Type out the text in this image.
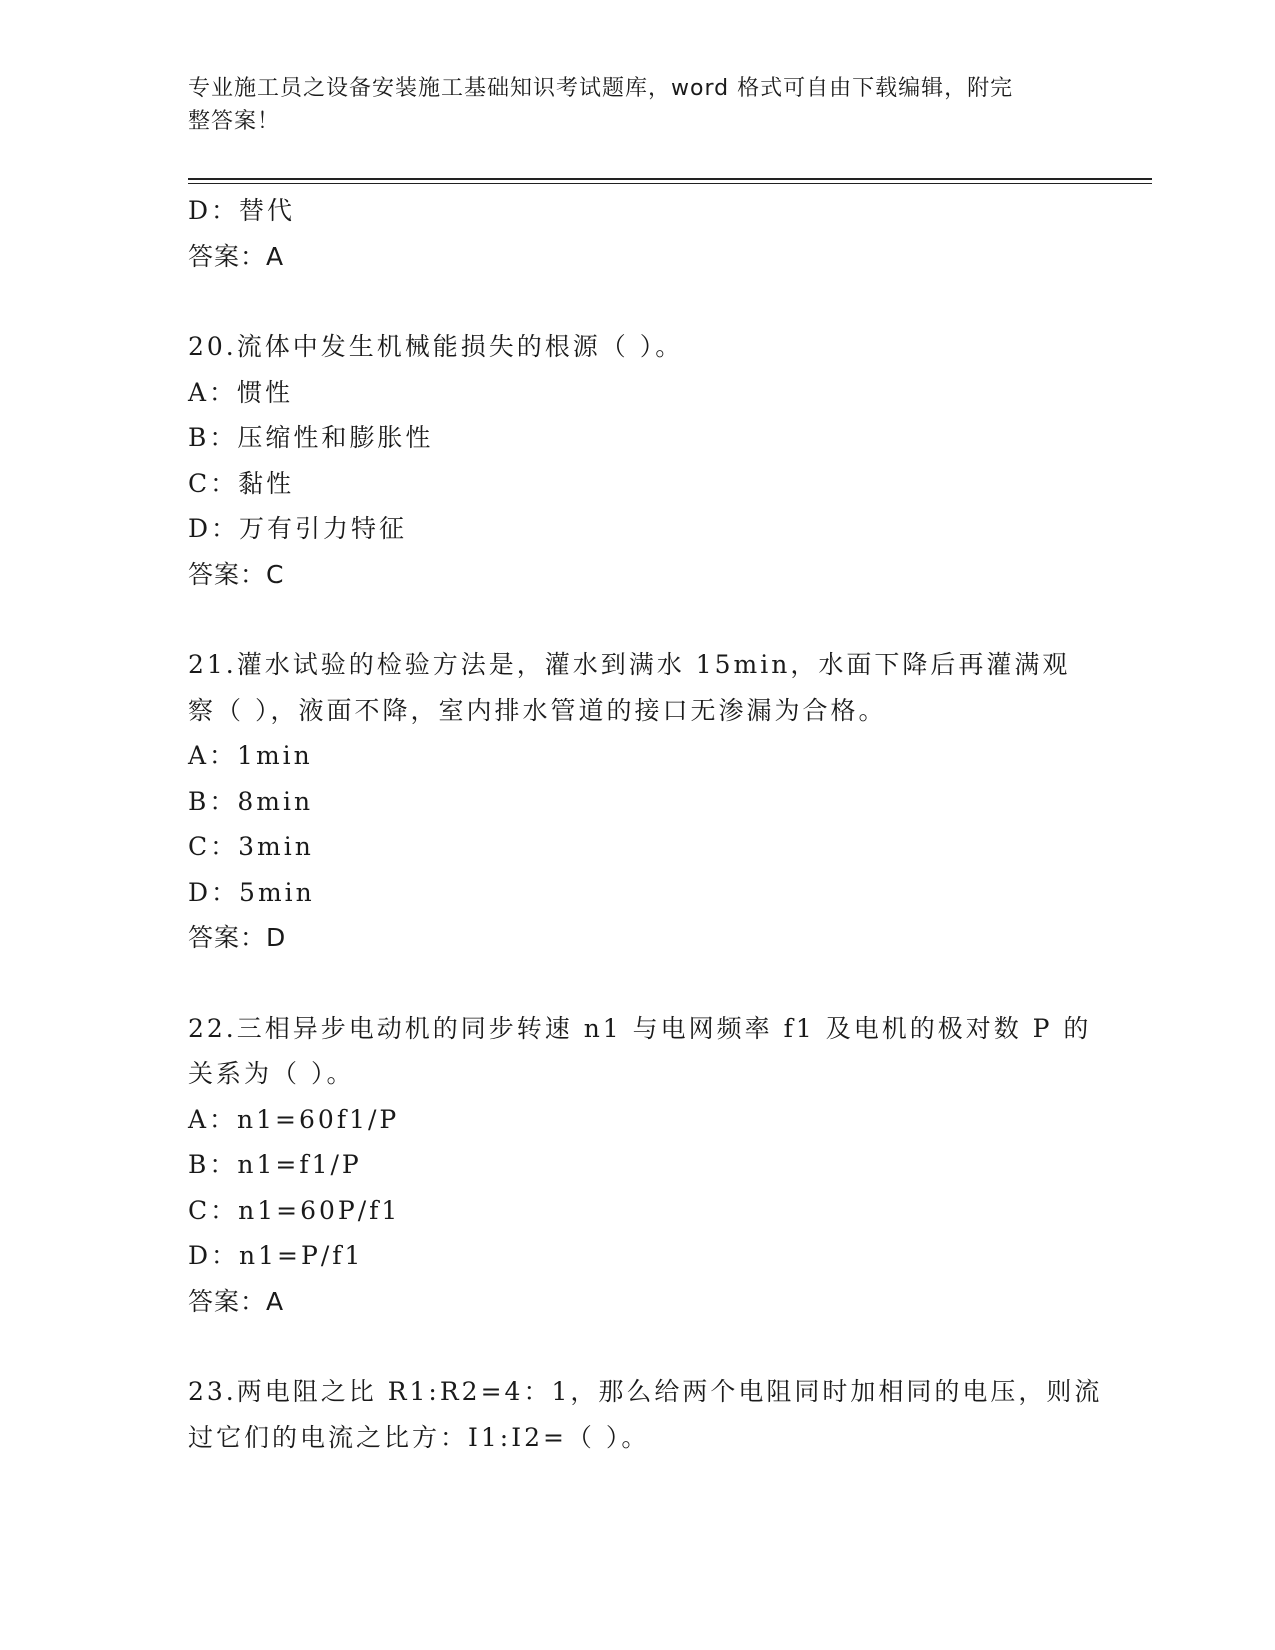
专业施工员之设备安装施工基础知识考试题库，word 格式可自由下载编辑，附完
整答案！
D：替代
答案：A
20.流体中发生机械能损失的根源（ ）。
A：惯性
B：压缩性和膨胀性
C：黏性
D：万有引力特征
答案：C
21.灌水试验的检验方法是，灌水到满水 15min，水面下降后再灌满观
察（ ），液面不降，室内排水管道的接口无渗漏为合格。
A：1min
B：8min
C：3min
D：5min
答案：D
22.三相异步电动机的同步转速 n1 与电网频率 f1 及电机的极对数 P 的
关系为（ ）。
A：n1=60f1/P
B：n1=f1/P
C：n1=60P/f1
D：n1=P/f1
答案：A
23.两电阻之比 R1:R2=4：1，那么给两个电阻同时加相同的电压，则流
过它们的电流之比方：I1:I2=（ ）。
